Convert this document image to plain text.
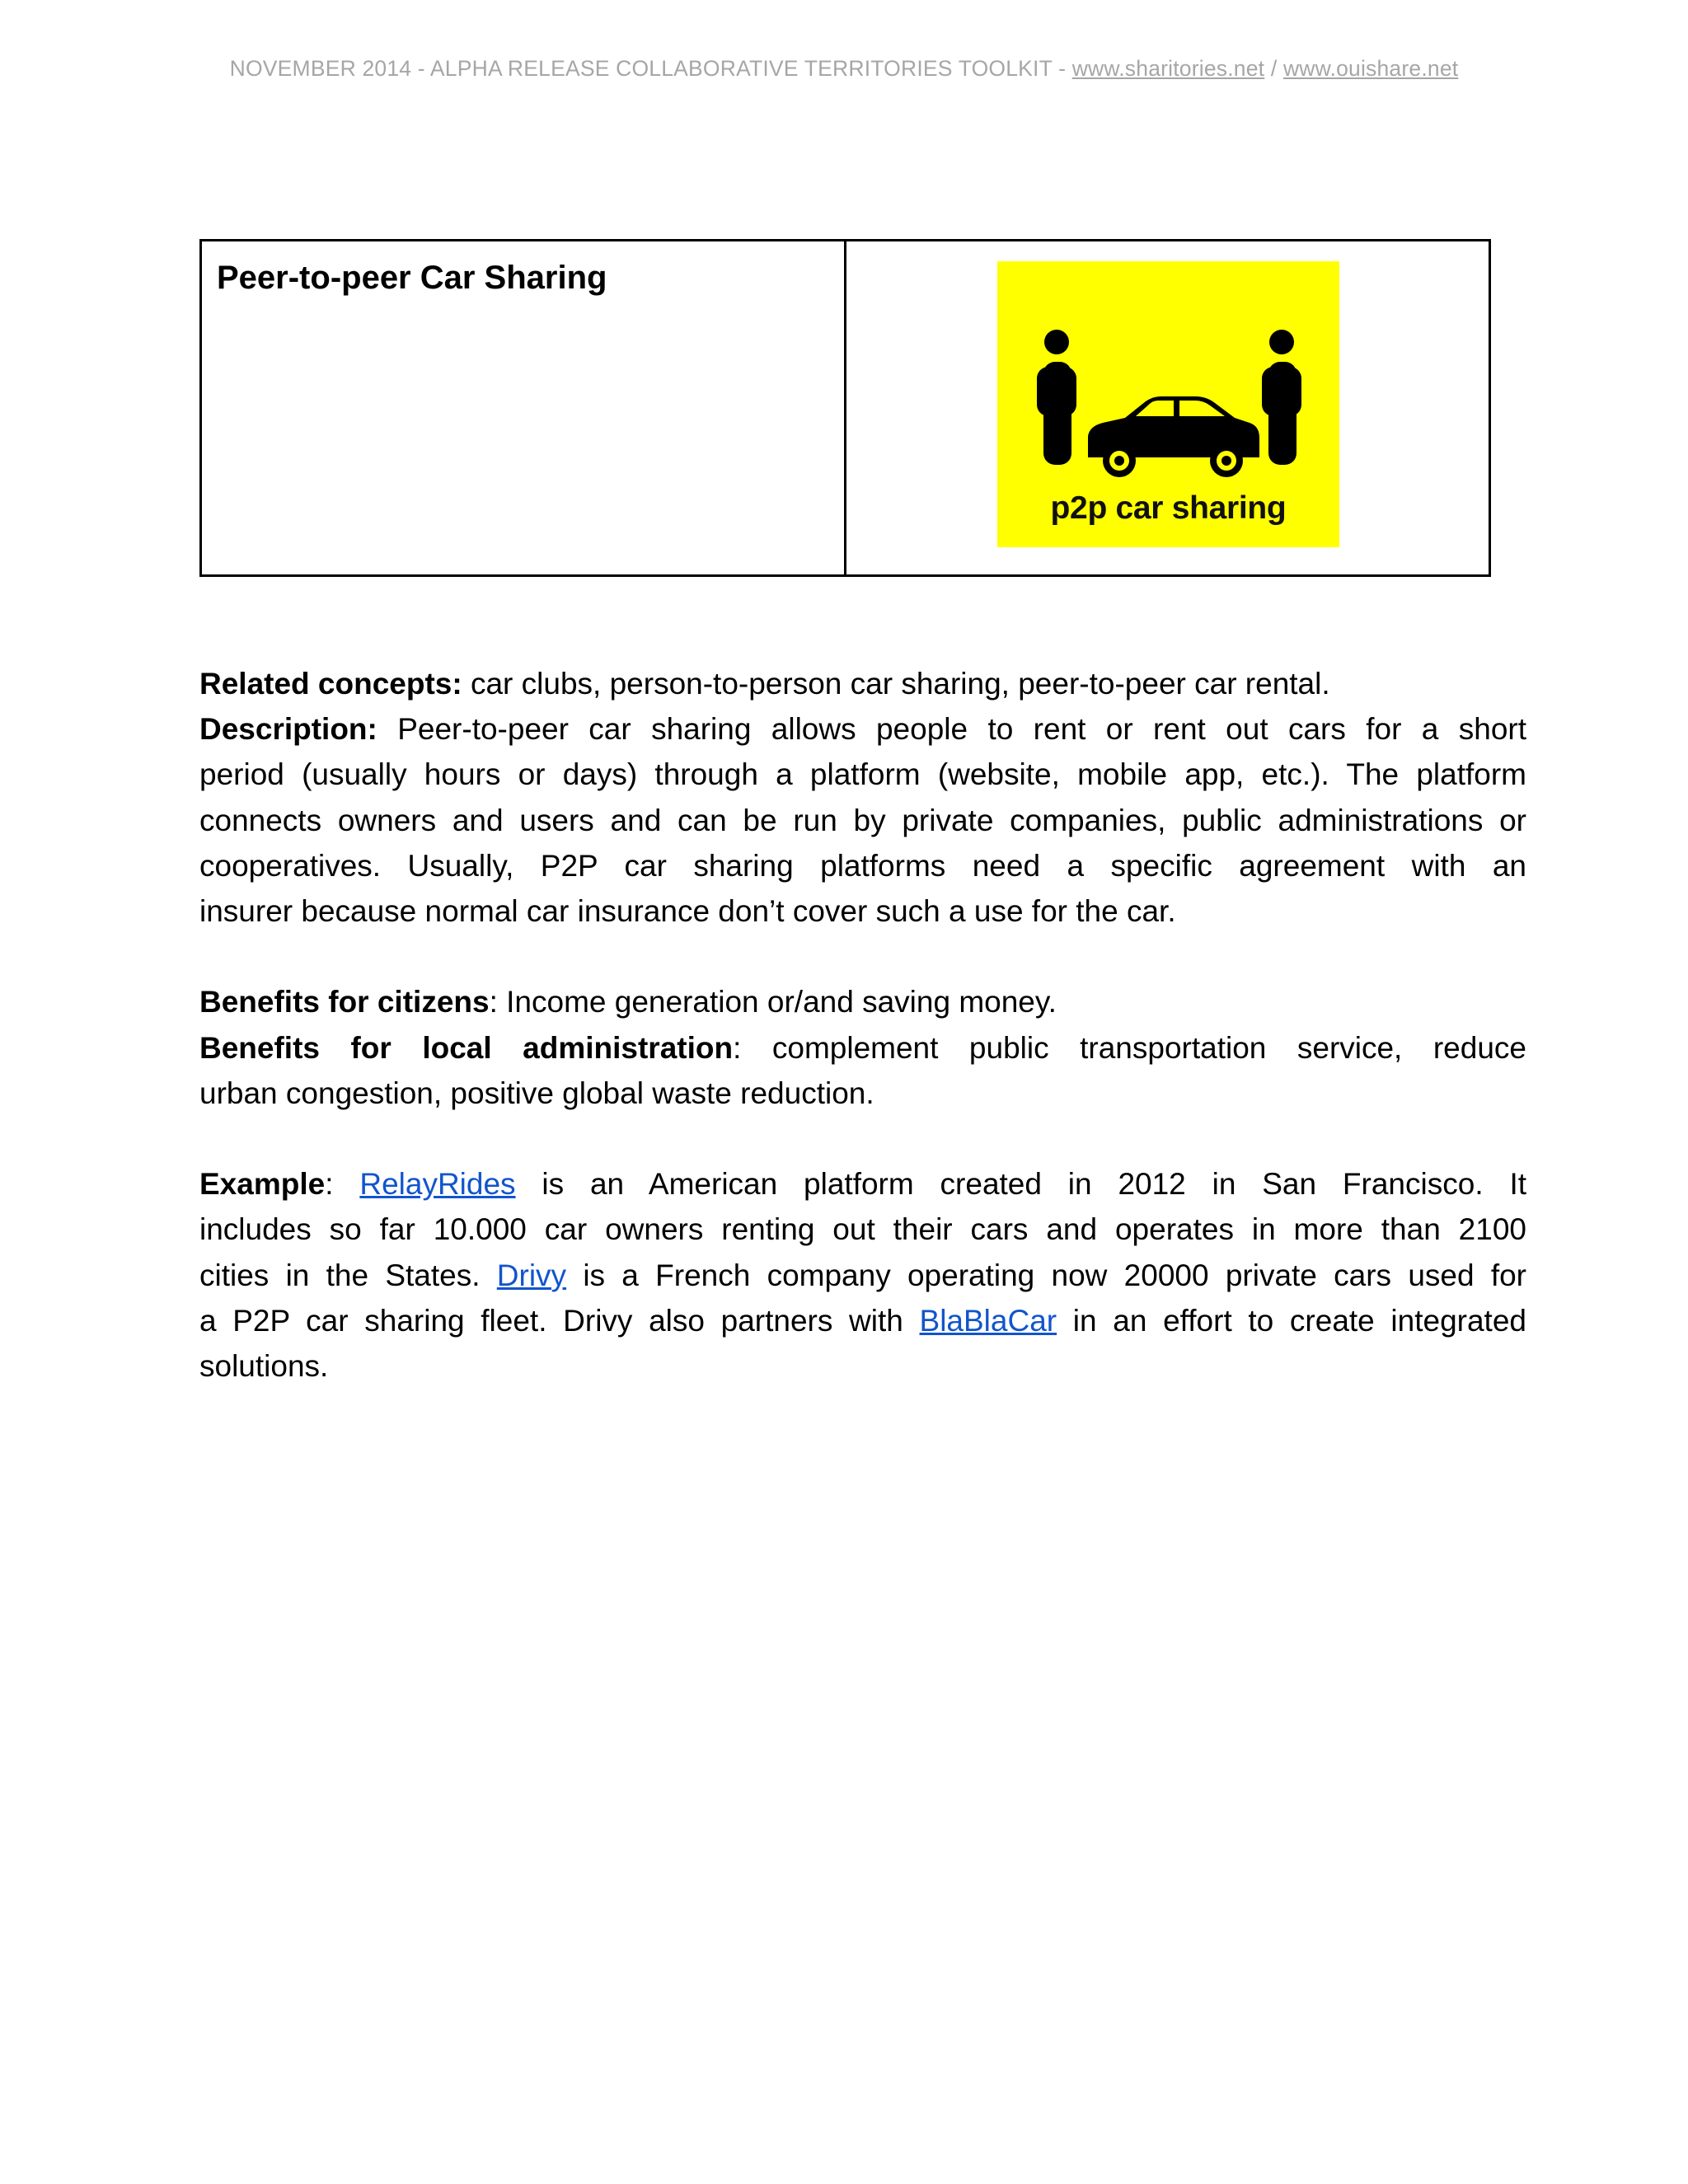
NOVEMBER 2014 - ALPHA RELEASE COLLABORATIVE TERRITORIES TOOLKIT - www.sharitories.net / www.ouishare.net
Peer-to-peer Car Sharing
p2p car sharing

Related concepts: car clubs, person-to-person car sharing, peer-to-peer car rental.

Description: Peer-to-peer car sharing allows people to rent or rent out cars for a short

period (usually hours or days) through a platform (website, mobile app, etc.). The platform

connects owners and users and can be run by private companies, public administrations or

cooperatives. Usually, P2P car sharing platforms need a specific agreement with an

insurer because normal car insurance don’t cover such a use for the car.

Benefits for citizens: Income generation or/and saving money.

Benefits for local administration: complement public transportation service, reduce

urban congestion, positive global waste reduction.

Example: RelayRides is an American platform created in 2012 in San Francisco. It

includes so far 10.000 car owners renting out their cars and operates in more than 2100

cities in the States. Drivy is a French company operating now 20000 private cars used for

a P2P car sharing fleet. Drivy also partners with BlaBlaCar in an effort to create integrated

solutions.
